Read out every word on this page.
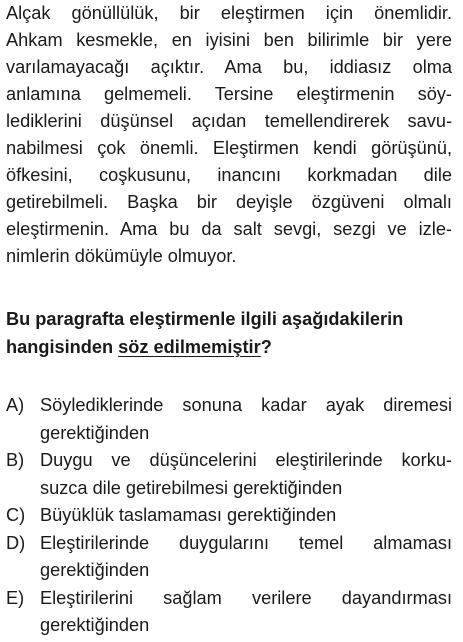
Alçak gönüllülük, bir eleştirmen için önemlidir.
Ahkam kesmekle, en iyisini ben bilirimle bir yere
varılamayacağı açıktır. Ama bu, iddiasız olma
anlamına gelmemeli. Tersine eleştirmenin söy-
lediklerini düşünsel açıdan temellendirerek savu-
nabilmesi çok önemli. Eleştirmen kendi görüşünü,
öfkesini, coşkusunu, inancını korkmadan dile
getirebilmeli. Başka bir deyişle özgüveni olmalı
eleştirmenin. Ama bu da salt sevgi, sezgi ve izle-
nimlerin dökümüyle olmuyor.
Bu paragrafta eleştirmenle ilgili aşağıdakilerin
hangisinden söz edilmemiştir?
A) Söylediklerinde sonuna kadar ayak diremesi
gerektiğinden
B) Duygu ve düşüncelerini eleştirilerinde korku-
suzca dile getirebilmesi gerektiğinden
C) Büyüklük taslamaması gerektiğinden
D) Eleştirilerinde duygularını temel almaması
gerektiğinden
E) Eleştirilerini sağlam verilere dayandırması
gerektiğinden
